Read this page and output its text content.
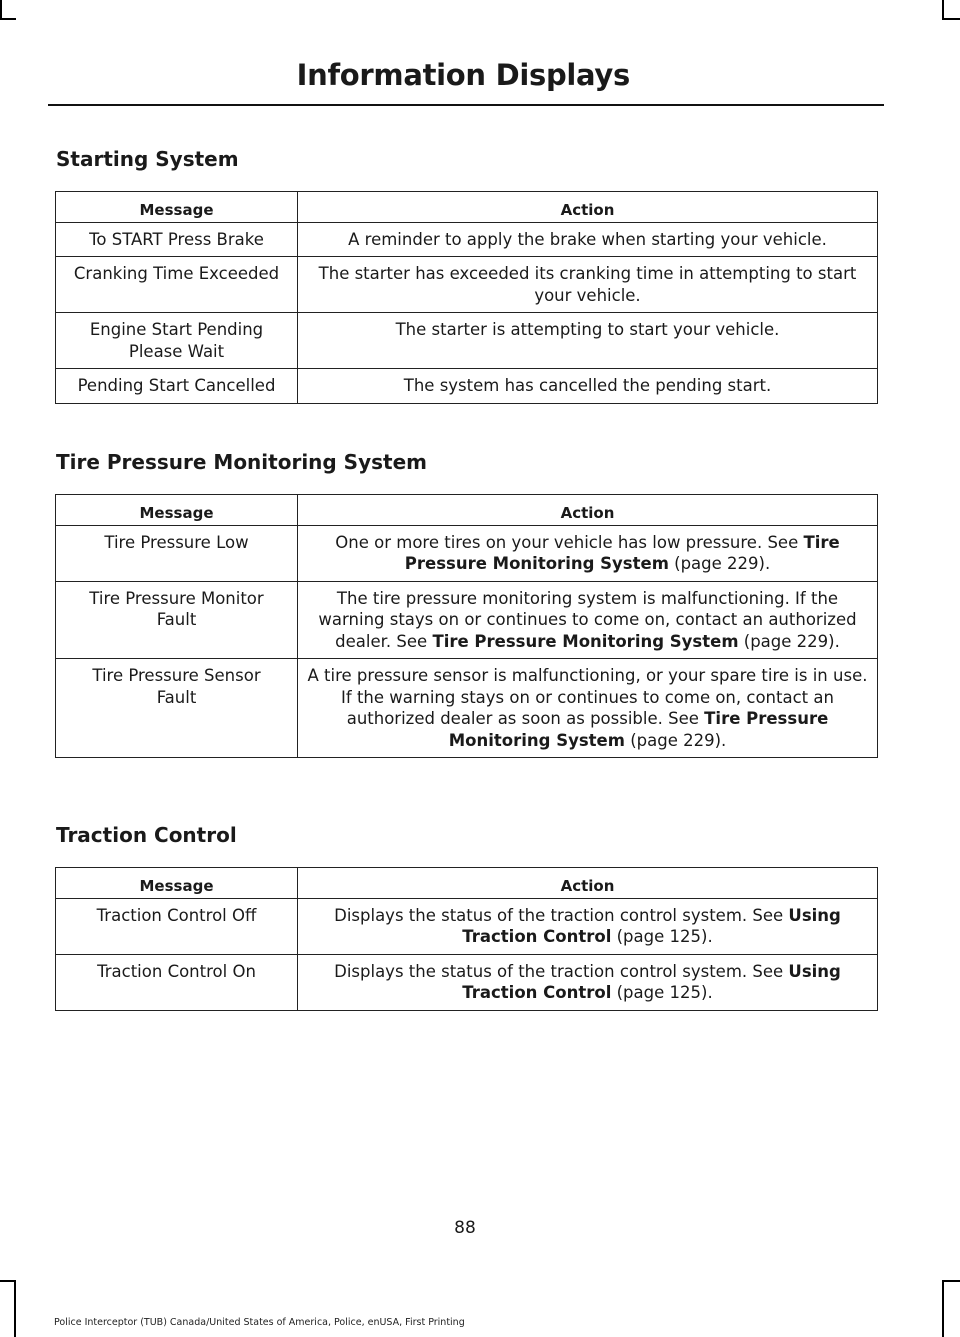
Information Displays
Starting System
Message	Action
To START Press Brake	A reminder to apply the brake when starting your vehicle.
Cranking Time Exceeded	The starter has exceeded its cranking time in attempting to start your vehicle.
Engine Start Pending Please Wait	The starter is attempting to start your vehicle.
Pending Start Cancelled	The system has cancelled the pending start.
Tire Pressure Monitoring System
Message	Action
Tire Pressure Low	One or more tires on your vehicle has low pressure. See Tire Pressure Monitoring System (page 229).
Tire Pressure Monitor Fault	The tire pressure monitoring system is malfunctioning. If the warning stays on or continues to come on, contact an authorized dealer. See Tire Pressure Monitoring System (page 229).
Tire Pressure Sensor Fault	A tire pressure sensor is malfunctioning, or your spare tire is in use. If the warning stays on or continues to come on, contact an authorized dealer as soon as possible. See Tire Pressure Monitoring System (page 229).
Traction Control
Message	Action
Traction Control Off	Displays the status of the traction control system. See Using Traction Control (page 125).
Traction Control On	Displays the status of the traction control system. See Using Traction Control (page 125).
88
Police Interceptor (TUB) Canada/United States of America, Police, enUSA, First Printing
